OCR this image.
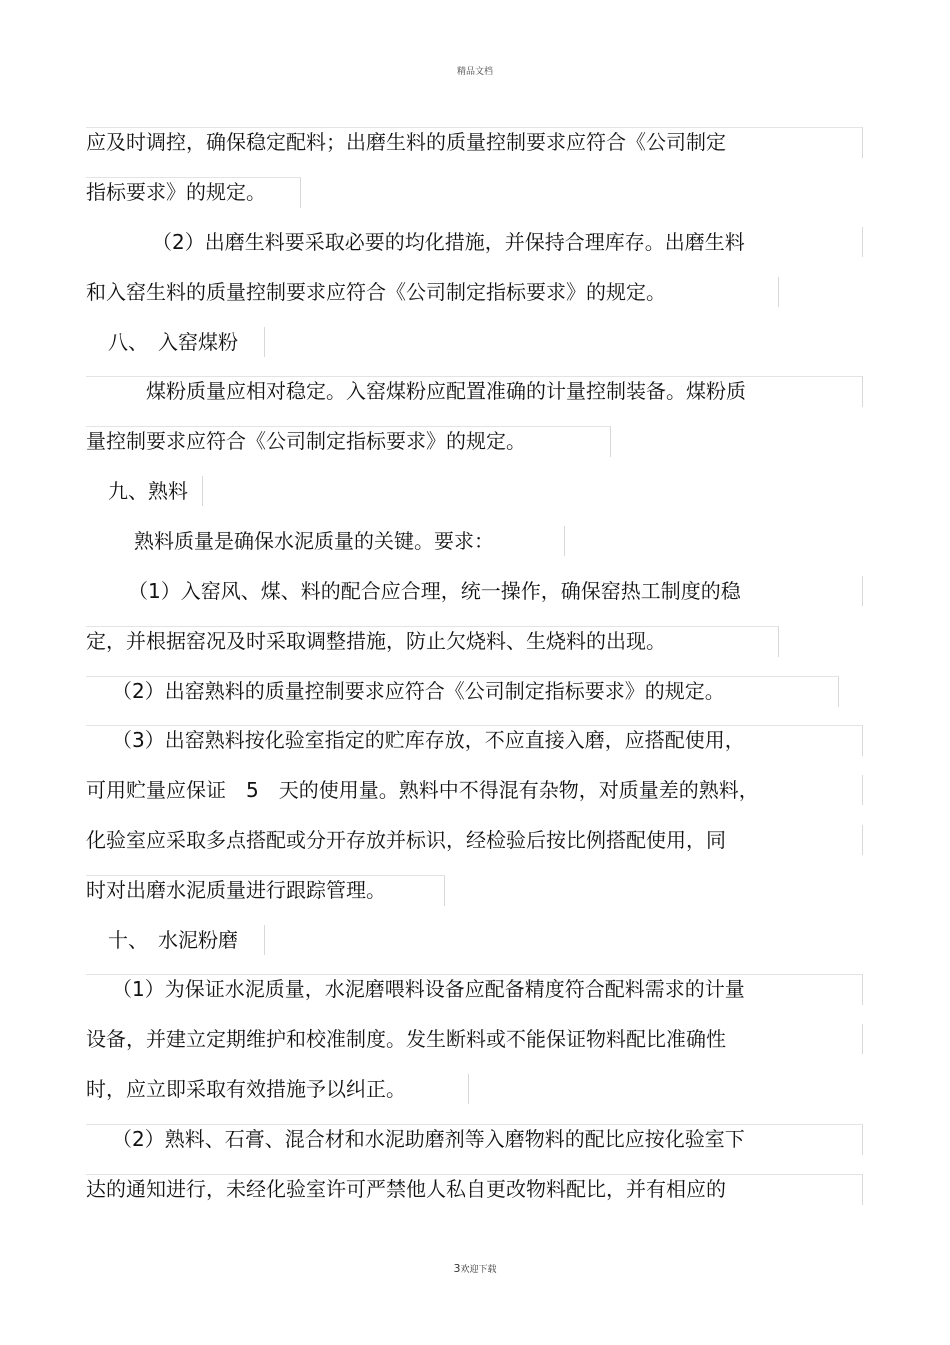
精品文档
应及时调控，确保稳定配料；出磨生料的质量控制要求应符合《公司制定
指标要求》的规定。
（2）出磨生料要采取必要的均化措施，并保持合理库存。出磨生料
和入窑生料的质量控制要求应符合《公司制定指标要求》的规定。
八、　入窑煤粉
煤粉质量应相对稳定。入窑煤粉应配置准确的计量控制装备。煤粉质
量控制要求应符合《公司制定指标要求》的规定。
九、熟料
熟料质量是确保水泥质量的关键。要求：
（1）入窑风、煤、料的配合应合理，统一操作，确保窑热工制度的稳
定，并根据窑况及时采取调整措施，防止欠烧料、生烧料的出现。
（2）出窑熟料的质量控制要求应符合《公司制定指标要求》的规定。
（3）出窑熟料按化验室指定的贮库存放，不应直接入磨，应搭配使用，
可用贮量应保证　5　天的使用量。熟料中不得混有杂物，对质量差的熟料，
化验室应采取多点搭配或分开存放并标识，经检验后按比例搭配使用，同
时对出磨水泥质量进行跟踪管理。
十、　水泥粉磨
（1）为保证水泥质量，水泥磨喂料设备应配备精度符合配料需求的计量
设备，并建立定期维护和校准制度。发生断料或不能保证物料配比准确性
时，应立即采取有效措施予以纠正。
（2）熟料、石膏、混合材和水泥助磨剂等入磨物料的配比应按化验室下
达的通知进行，未经化验室许可严禁他人私自更改物料配比，并有相应的
3欢迎下载
